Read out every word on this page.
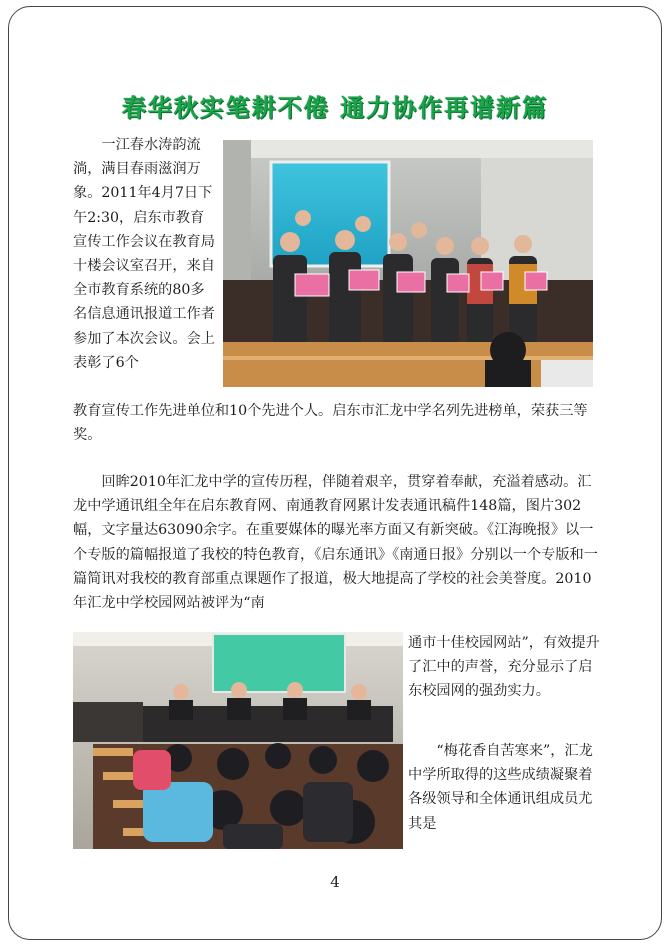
春华秋实笔耕不倦 通力协作再谱新篇

一江春水涛韵流淌，满目春雨滋润万象。2011年4月7日下午2:30，启东市教育宣传工作会议在教育局十楼会议室召开，来自全市教育系统的80多名信息通讯报道工作者参加了本次会议。会上表彰了6个

教育宣传工作先进单位和10个先进个人。启东市汇龙中学名列先进榜单，荣获三等奖。

回眸2010年汇龙中学的宣传历程，伴随着艰辛，贯穿着奉献，充溢着感动。汇龙中学通讯组全年在启东教育网、南通教育网累计发表通讯稿件148篇，图片302幅，文字量达63090余字。在重要媒体的曝光率方面又有新突破。《江海晚报》以一个专版的篇幅报道了我校的特色教育，《启东通讯》《南通日报》分别以一个专版和一篇简讯对我校的教育部重点课题作了报道，极大地提高了学校的社会美誉度。2010年汇龙中学校园网站被评为“南

通市十佳校园网站”，有效提升了汇中的声誉，充分显示了启东校园网的强劲实力。

“梅花香自苦寒来”，汇龙中学所取得的这些成绩凝聚着各级领导和全体通讯组成员尤其是

4
